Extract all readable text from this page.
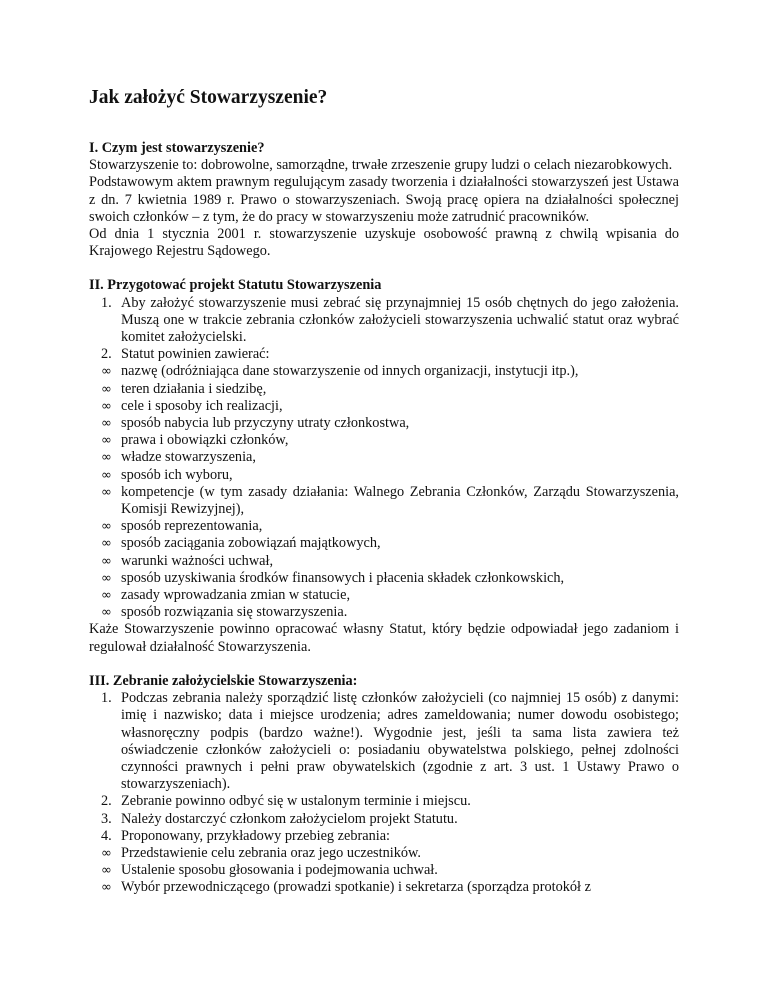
Jak założyć Stowarzyszenie?
I. Czym jest stowarzyszenie?

Stowarzyszenie to: dobrowolne, samorządne, trwałe zrzeszenie grupy ludzi o celach niezarobkowych.

Podstawowym aktem prawnym regulującym zasady tworzenia i działalności stowarzyszeń jest Ustawa z dn. 7 kwietnia 1989 r. Prawo o stowarzyszeniach. Swoją pracę opiera na działalności społecznej swoich członków – z tym, że do pracy w stowarzyszeniu może zatrudnić pracowników.

Od dnia 1 stycznia 2001 r. stowarzyszenie uzyskuje osobowość prawną z chwilą wpisania do Krajowego Rejestru Sądowego.

II. Przygotować projekt Statutu Stowarzyszenia
1. Aby założyć stowarzyszenie musi zebrać się przynajmniej 15 osób chętnych do jego założenia. Muszą one w trakcie zebrania członków założycieli stowarzyszenia uchwalić statut oraz wybrać komitet założycielski.
2. Statut powinien zawierać:
∞ nazwę (odróżniająca dane stowarzyszenie od innych organizacji, instytucji itp.),
∞ teren działania i siedzibę,
∞ cele i sposoby ich realizacji,
∞ sposób nabycia lub przyczyny utraty członkostwa,
∞ prawa i obowiązki członków,
∞ władze stowarzyszenia,
∞ sposób ich wyboru,
∞ kompetencje (w tym zasady działania: Walnego Zebrania Członków, Zarządu Stowarzyszenia, Komisji Rewizyjnej),
∞ sposób reprezentowania,
∞ sposób zaciągania zobowiązań majątkowych,
∞ warunki ważności uchwał,
∞ sposób uzyskiwania środków finansowych i płacenia składek członkowskich,
∞ zasady wprowadzania zmian w statucie,
∞ sposób rozwiązania się stowarzyszenia.

Każe Stowarzyszenie powinno opracować własny Statut, który będzie odpowiadał jego zadaniom i regulował działalność Stowarzyszenia.

III. Zebranie założycielskie Stowarzyszenia:
1. Podczas zebrania należy sporządzić listę członków założycieli (co najmniej 15 osób) z danymi: imię i nazwisko; data i miejsce urodzenia; adres zameldowania; numer dowodu osobistego; własnoręczny podpis (bardzo ważne!). Wygodnie jest, jeśli ta sama lista zawiera też oświadczenie członków założycieli o: posiadaniu obywatelstwa polskiego, pełnej zdolności czynności prawnych i pełni praw obywatelskich (zgodnie z art. 3 ust. 1 Ustawy Prawo o stowarzyszeniach).
2. Zebranie powinno odbyć się w ustalonym terminie i miejscu.
3. Należy dostarczyć członkom założycielom projekt Statutu.
4. Proponowany, przykładowy przebieg zebrania:
∞ Przedstawienie celu zebrania oraz jego uczestników.
∞ Ustalenie sposobu głosowania i podejmowania uchwał.
∞ Wybór przewodniczącego (prowadzi spotkanie) i sekretarza (sporządza protokół z
